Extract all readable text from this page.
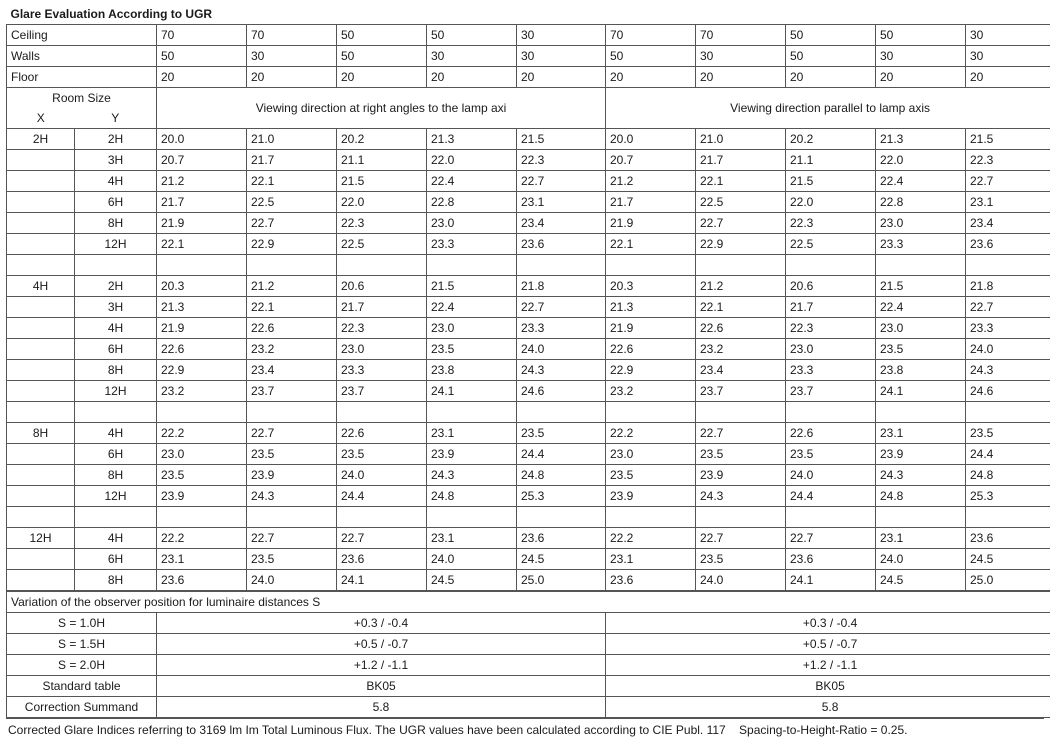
Glare Evaluation According to UGR											
Ceiling		70	70	50	50	30	70	70	50	50	30
Walls		50	30	50	30	30	50	30	50	30	30
Floor		20	20	20	20	20	20	20	20	20	20
Room Size		Viewing direction at right angles to the lamp axi					Viewing direction parallel to lamp axis				
X	Y										
2H	2H	20.0	21.0	20.2	21.3	21.5	20.0	21.0	20.2	21.3	21.5
	3H	20.7	21.7	21.1	22.0	22.3	20.7	21.7	21.1	22.0	22.3
	4H	21.2	22.1	21.5	22.4	22.7	21.2	22.1	21.5	22.4	22.7
	6H	21.7	22.5	22.0	22.8	23.1	21.7	22.5	22.0	22.8	23.1
	8H	21.9	22.7	22.3	23.0	23.4	21.9	22.7	22.3	23.0	23.4
	12H	22.1	22.9	22.5	23.3	23.6	22.1	22.9	22.5	23.3	23.6

4H	2H	20.3	21.2	20.6	21.5	21.8	20.3	21.2	20.6	21.5	21.8
	3H	21.3	22.1	21.7	22.4	22.7	21.3	22.1	21.7	22.4	22.7
	4H	21.9	22.6	22.3	23.0	23.3	21.9	22.6	22.3	23.0	23.3
	6H	22.6	23.2	23.0	23.5	24.0	22.6	23.2	23.0	23.5	24.0
	8H	22.9	23.4	23.3	23.8	24.3	22.9	23.4	23.3	23.8	24.3
	12H	23.2	23.7	23.7	24.1	24.6	23.2	23.7	23.7	24.1	24.6

8H	4H	22.2	22.7	22.6	23.1	23.5	22.2	22.7	22.6	23.1	23.5
	6H	23.0	23.5	23.5	23.9	24.4	23.0	23.5	23.5	23.9	24.4
	8H	23.5	23.9	24.0	24.3	24.8	23.5	23.9	24.0	24.3	24.8
	12H	23.9	24.3	24.4	24.8	25.3	23.9	24.3	24.4	24.8	25.3

12H	4H	22.2	22.7	22.7	23.1	23.6	22.2	22.7	22.7	23.1	23.6
	6H	23.1	23.5	23.6	24.0	24.5	23.1	23.5	23.6	24.0	24.5
	8H	23.6	24.0	24.1	24.5	25.0	23.6	24.0	24.1	24.5	25.0

Variation of the observer position for luminaire distances S											
S = 1.0H		+0.3 / -0.4					+0.3 / -0.4				
S = 1.5H		+0.5 / -0.7					+0.5 / -0.7				
S = 2.0H		+1.2 / -1.1					+1.2 / -1.1				
Standard table		BK05					BK05				
Correction Summand		5.8					5.8				
Corrected Glare Indices referring to 3169 lm Im Total Luminous Flux. The UGR values have been calculated according to CIE Publ. 117 Spacing-to-Height-Ratio = 0.25.
